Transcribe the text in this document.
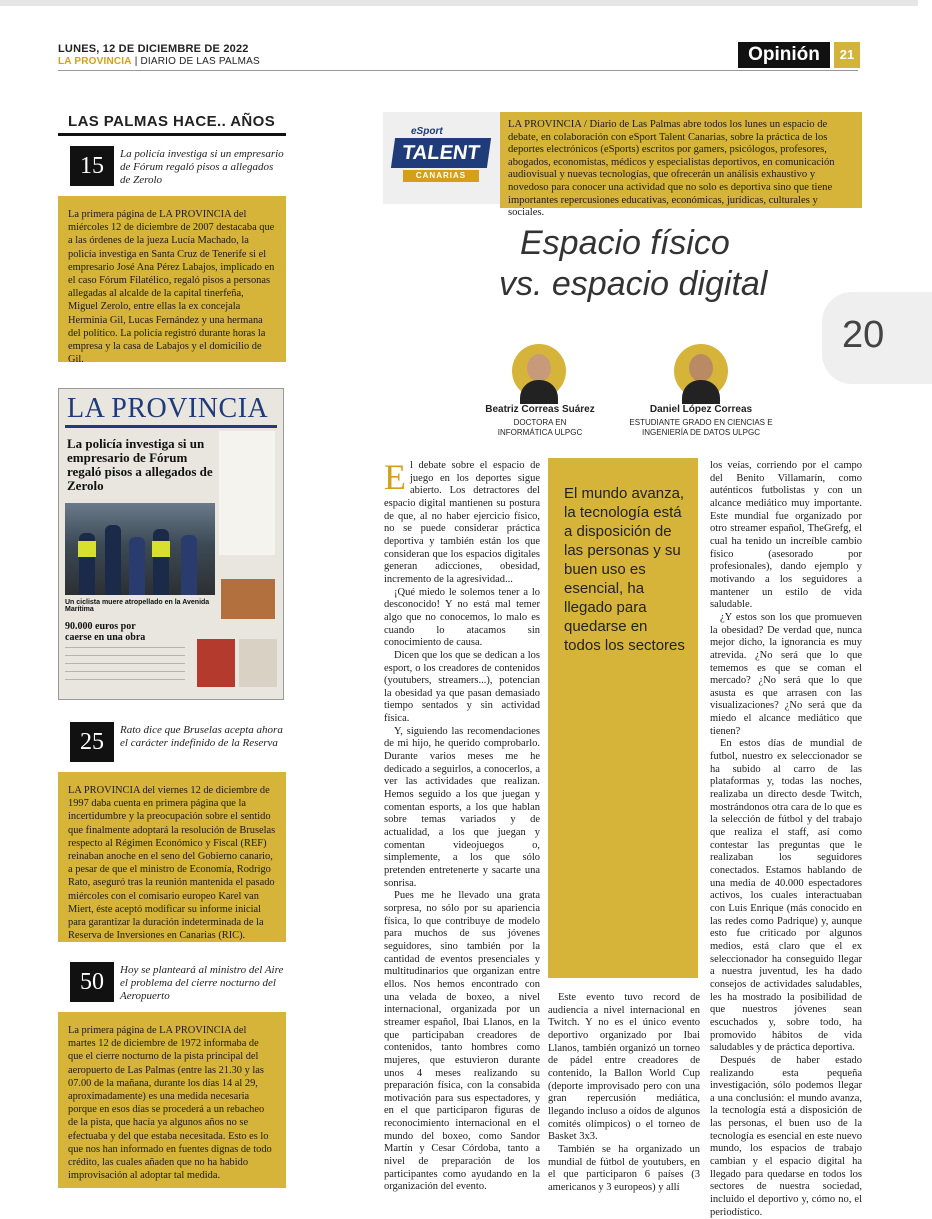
LUNES, 12 DE DICIEMBRE DE 2022
LA PROVINCIA | DIARIO DE LAS PALMAS	Opinión	21
20
LAS PALMAS HACE.. AÑOS
15	La policía investiga si un empresario de Fórum regaló pisos a allegados de Zerolo
La primera página de LA PROVINCIA del miércoles 12 de diciembre de 2007 destacaba que a las órdenes de la jueza Lucía Machado, la policía investiga en Santa Cruz de Tenerife si el empresario José Ana Pérez Labajos, implicado en el caso Fórum Filatélico, regaló pisos a personas allegadas al alcalde de la capital tinerfeña, Miguel Zerolo, entre ellas la ex concejala Herminia Gil, Lucas Fernández y una hermana del político. La policía registró durante horas la empresa y la casa de Labajos y el domicilio de Gil.
LA PROVINCIA
La policía investiga si un empresario de Fórum regaló pisos a allegados de Zerolo
Un ciclista muere atropellado en la Avenida Marítima
90.000 euros por caerse en una obra
25	Rato dice que Bruselas acepta ahora el carácter indefinido de la Reserva
LA PROVINCIA del viernes 12 de diciembre de 1997 daba cuenta en primera página que la incertidumbre y la preocupación sobre el sentido que finalmente adoptará la resolución de Bruselas respecto al Régimen Económico y Fiscal (REF) reinaban anoche en el seno del Gobierno canario, a pesar de que el ministro de Economía, Rodrigo Rato, aseguró tras la reunión mantenida el pasado miércoles con el comisario europeo Karel van Miert, éste aceptó modificar su informe inicial para garantizar la duración indeterminada de la Reserva de Inversiones en Canarias (RIC).
50	Hoy se planteará al ministro del Aire el problema del cierre nocturno del Aeropuerto
La primera página de LA PROVINCIA del martes 12 de diciembre de 1972 informaba de que el cierre nocturno de la pista principal del aeropuerto de Las Palmas (entre las 21.30 y las 07.00 de la mañana, durante los días 14 al 29, aproximadamente) es una medida necesaria porque en esos días se procederá a un rebacheo de la pista, que hacía ya algunos años no se efectuaba y del que estaba necesitada. Esto es lo que nos han informado en fuentes dignas de todo crédito, las cuales añaden que no ha habido improvisación al adoptar tal medida.
eSport
TALENT
CANARIAS
LA PROVINCIA / Diario de Las Palmas abre todos los lunes un espacio de debate, en colaboración con eSport Talent Canarias, sobre la práctica de los deportes electrónicos (eSports) escritos por gamers, psicólogos, profesores, abogados, economistas, médicos y especialistas deportivos, en comunicación audiovisual y nuevas tecnologías, que ofrecerán un análisis exhaustivo y novedoso para conocer una actividad que no solo es deportiva sino que tiene importantes repercusiones educativas, económicas, jurídicas, culturales y sociales.
Espacio físico
vs. espacio digital
Beatriz Correas Suárez
DOCTORA EN
INFORMÁTICA ULPGC
Daniel López Correas
ESTUDIANTE GRADO EN CIENCIAS E
INGENIERÍA DE DATOS ULPGC

El debate sobre el espacio de juego en los deportes sigue abierto. Los detractores del espacio digital mantienen su postura de que, al no haber ejercicio físico, no se puede considerar práctica deportiva y también están los que consideran que los espacios digitales generan adicciones, obesidad, incremento de la agresividad...

¡Qué miedo le solemos tener a lo desconocido! Y no está mal temer algo que no conocemos, lo malo es cuando lo atacamos sin conocimiento de causa.

Dicen que los que se dedican a los esport, o los creadores de contenidos (youtubers, streamers...), potencian la obesidad ya que pasan demasiado tiempo sentados y sin actividad física.

Y, siguiendo las recomendaciones de mi hijo, he querido comprobarlo. Durante varios meses me he dedicado a seguirlos, a conocerlos, a ver las actividades que realizan. Hemos seguido a los que juegan y comentan esports, a los que hablan sobre temas variados y de actualidad, a los que juegan y comentan videojuegos o, simplemente, a los que sólo pretenden entretenerte y sacarte una sonrisa.

Pues me he llevado una grata sorpresa, no sólo por su apariencia física, lo que contribuye de modelo para muchos de sus jóvenes seguidores, sino también por la cantidad de eventos presenciales y multitudinarios que organizan entre ellos. Nos hemos encontrado con una velada de boxeo, a nivel internacional, organizada por un streamer español, Ibai Llanos, en la que participaban creadores de contenidos, tanto hombres como mujeres, que estuvieron durante unos 4 meses realizando su preparación física, con la consabida motivación para sus espectadores, y en el que participaron figuras de reconocimiento internacional en el mundo del boxeo, como Sandor Martín y Cesar Córdoba, tanto a nivel de preparación de los participantes como ayudando en la organización del evento.

El mundo avanza, la tecnología está a disposición de las personas y su buen uso es esencial, ha llegado para quedarse en todos los sectores

Este evento tuvo record de audiencia a nivel internacional en Twitch. Y no es el único evento deportivo organizado por Ibai Llanos, también organizó un torneo de pádel entre creadores de contenido, la Ballon World Cup (deporte improvisado pero con una gran repercusión mediática, llegando incluso a oídos de algunos comités olímpicos) o el torneo de Basket 3x3.

También se ha organizado un mundial de fútbol de youtubers, en el que participaron 6 países (3 americanos y 3 europeos) y allí

los veías, corriendo por el campo del Benito Villamarín, como auténticos futbolistas y con un alcance mediático muy importante. Este mundial fue organizado por otro streamer español, TheGrefg, el cual ha tenido un increíble cambio físico (asesorado por profesionales), dando ejemplo y motivando a los seguidores a mantener un estilo de vida saludable.

¿Y estos son los que promueven la obesidad? De verdad que, nunca mejor dicho, la ignorancia es muy atrevida. ¿No será que lo que tememos es que se coman el mercado? ¿No será que lo que asusta es que arrasen con las visualizaciones? ¿No será que da miedo el alcance mediático que tienen?

En estos días de mundial de futbol, nuestro ex seleccionador se ha subido al carro de las plataformas y, todas las noches, realizaba un directo desde Twitch, mostrándonos otra cara de lo que es la selección de fútbol y del trabajo que realiza el staff, así como contestar las preguntas que le realizaban los seguidores conectados. Estamos hablando de una media de 40.000 espectadores activos, los cuales interactuaban con Luis Enrique (más conocido en las redes como Padrique) y, aunque esto fue criticado por algunos medios, está claro que el ex seleccionador ha conseguido llegar a nuestra juventud, les ha dado consejos de actividades saludables, les ha mostrado la posibilidad de que nuestros jóvenes sean escuchados y, sobre todo, ha promovido hábitos de vida saludables y de práctica deportiva.

Después de haber estado realizando esta pequeña investigación, sólo podemos llegar a una conclusión: el mundo avanza, la tecnología está a disposición de las personas, el buen uso de la tecnología es esencial en este nuevo mundo, los espacios de trabajo cambian y el espacio digital ha llegado para quedarse en todos los sectores de nuestra sociedad, incluido el deportivo y, cómo no, el periodístico.
